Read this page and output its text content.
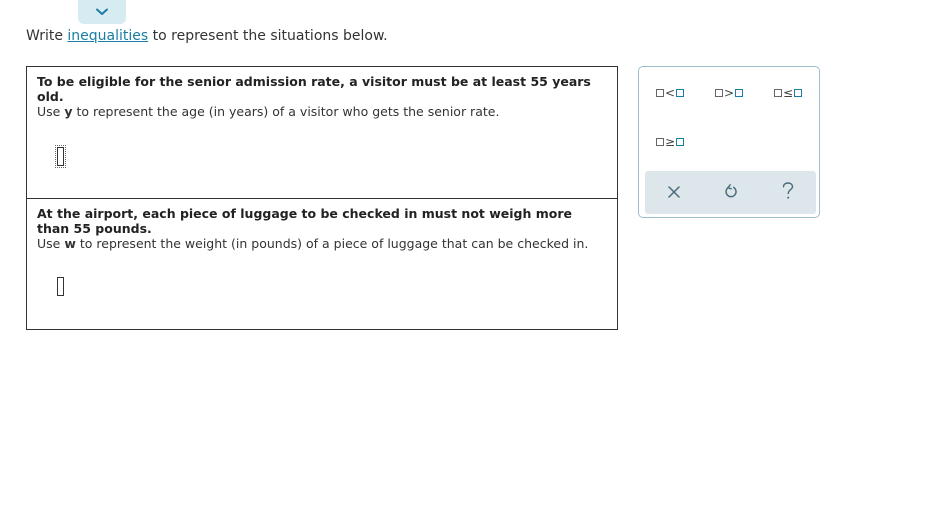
Write inequalities to represent the situations below.
To be eligible for the senior admission rate, a visitor must be at least 55 years old.
Use y to represent the age (in years) of a visitor who gets the senior rate.
At the airport, each piece of luggage to be checked in must not weigh more than 55 pounds.
Use w to represent the weight (in pounds) of a piece of luggage that can be checked in.
<	>	≤
≥
